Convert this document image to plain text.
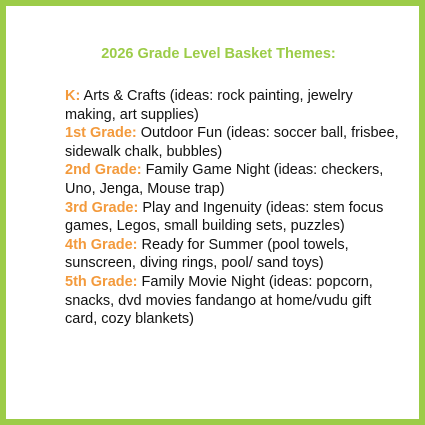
2026 Grade Level Basket Themes:

K: Arts & Crafts (ideas: rock painting, jewelry making, art supplies)

1st Grade: Outdoor Fun (ideas: soccer ball, frisbee, sidewalk chalk, bubbles)

2nd Grade: Family Game Night (ideas: checkers, Uno, Jenga, Mouse trap)

3rd Grade: Play and Ingenuity (ideas: stem focus games, Legos, small building sets, puzzles)

4th Grade: Ready for Summer (pool towels, sunscreen, diving rings, pool/ sand toys)

5th Grade: Family Movie Night (ideas: popcorn, snacks, dvd movies fandango at home/vudu gift card, cozy blankets)
